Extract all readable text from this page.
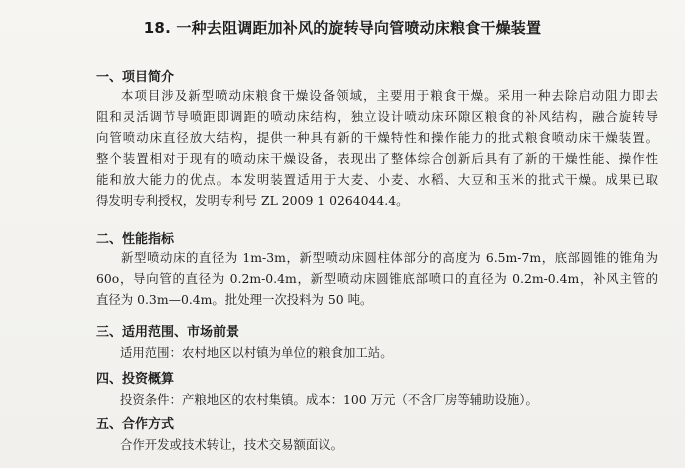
18. 一种去阻调距加补风的旋转导向管喷动床粮食干燥装置
一、项目简介
本项目涉及新型喷动床粮食干燥设备领域，主要用于粮食干燥。采用一种去除启动阻力即去
阻和灵活调节导喷距即调距的喷动床结构，独立设计喷动床环隙区粮食的补风结构，融合旋转导
向管喷动床直径放大结构，提供一种具有新的干燥特性和操作能力的批式粮食喷动床干燥装置。
整个装置相对于现有的喷动床干燥设备，表现出了整体综合创新后具有了新的干燥性能、操作性
能和放大能力的优点。本发明装置适用于大麦、小麦、水稻、大豆和玉米的批式干燥。成果已取
得发明专利授权，发明专利号 ZL 2009 1 0264044.4。
二、性能指标
新型喷动床的直径为 1m-3m，新型喷动床圆柱体部分的高度为 6.5m-7m，底部圆锥的锥角为
60o，导向管的直径为 0.2m-0.4m，新型喷动床圆锥底部喷口的直径为 0.2m-0.4m，补风主管的
直径为 0.3m—0.4m。批处理一次投料为 50 吨。
三、适用范围、市场前景
适用范围：农村地区以村镇为单位的粮食加工站。
四、投资概算
投资条件：产粮地区的农村集镇。成本：100 万元（不含厂房等辅助设施）。
五、合作方式
合作开发或技术转让，技术交易额面议。
